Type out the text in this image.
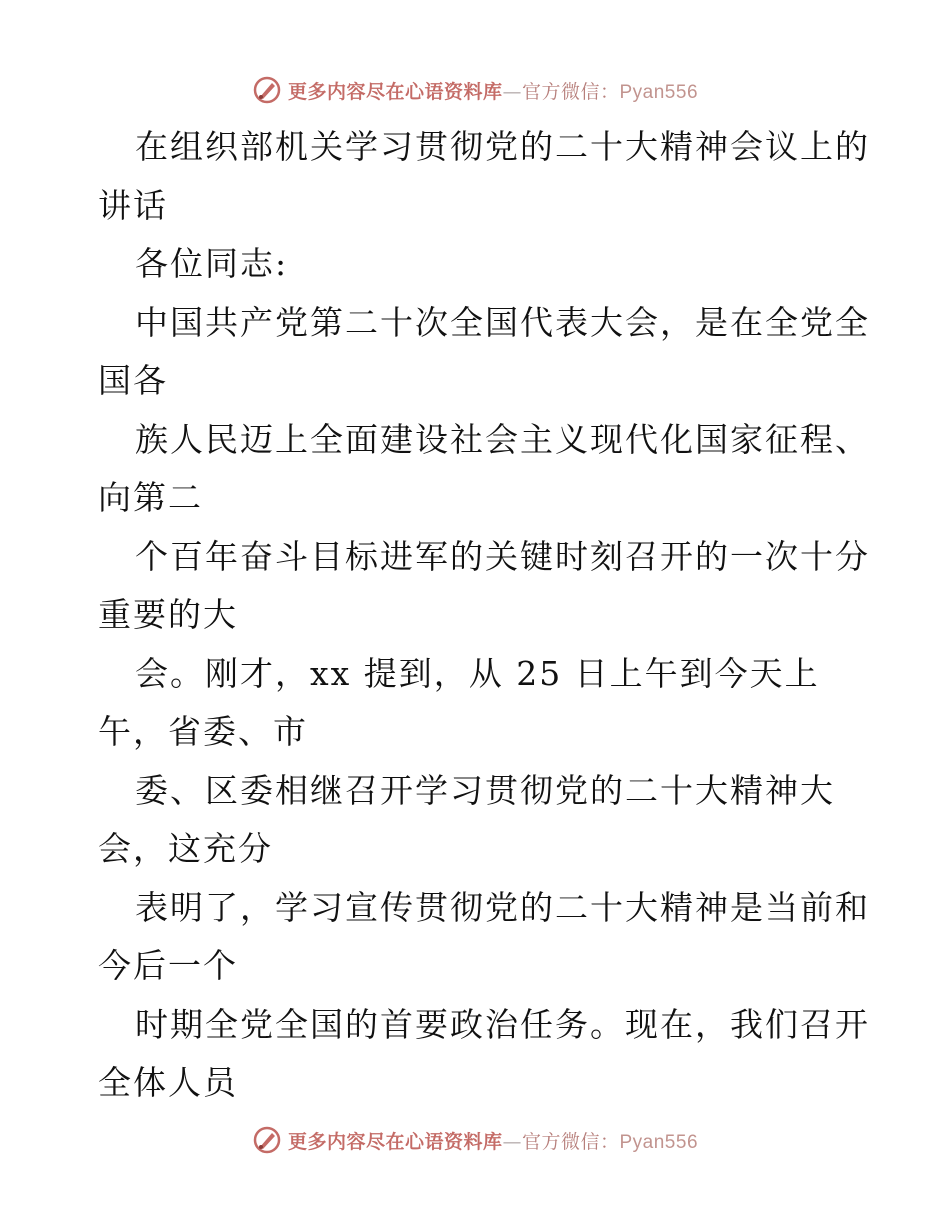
更多内容尽在心语资料库—官方微信：Pyan556
在组织部机关学习贯彻党的二十大精神会议上的
讲话
各位同志:
中国共产党第二十次全国代表大会，是在全党全
国各
族人民迈上全面建设社会主义现代化国家征程、
向第二
个百年奋斗目标进军的关键时刻召开的一次十分
重要的大
会。刚才，xx 提到，从 25 日上午到今天上
午，省委、市
委、区委相继召开学习贯彻党的二十大精神大
会，这充分
表明了，学习宣传贯彻党的二十大精神是当前和
今后一个
时期全党全国的首要政治任务。现在，我们召开
全体人员
更多内容尽在心语资料库—官方微信：Pyan556
